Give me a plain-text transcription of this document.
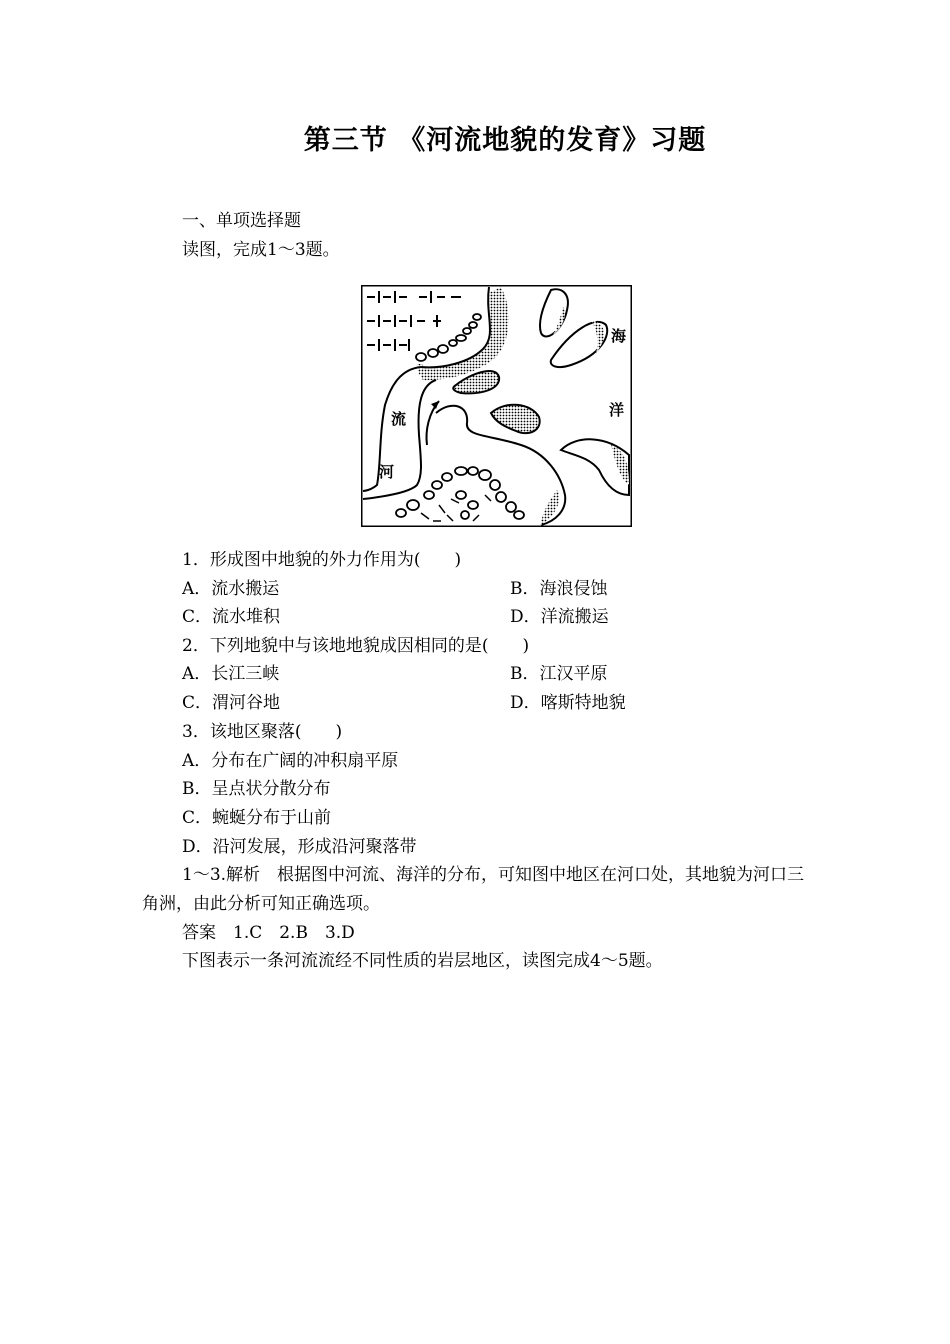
第三节 《河流地貌的发育》习题
一、单项选择题
读图，完成1～3题。
海
洋
流
河
1．形成图中地貌的外力作用为(　　)
A．流水搬运	B．海浪侵蚀
C．流水堆积	D．洋流搬运
2．下列地貌中与该地地貌成因相同的是(　　)
A．长江三峡	B．江汉平原
C．渭河谷地	D．喀斯特地貌
3．该地区聚落(　　)
A．分布在广阔的冲积扇平原
B．呈点状分散分布
C．蜿蜒分布于山前
D．沿河发展，形成沿河聚落带
1～3.解析　根据图中河流、海洋的分布，可知图中地区在河口处，其地貌为河口三角洲，由此分析可知正确选项。
答案　1.C　2.B　3.D
下图表示一条河流流经不同性质的岩层地区，读图完成4～5题。
